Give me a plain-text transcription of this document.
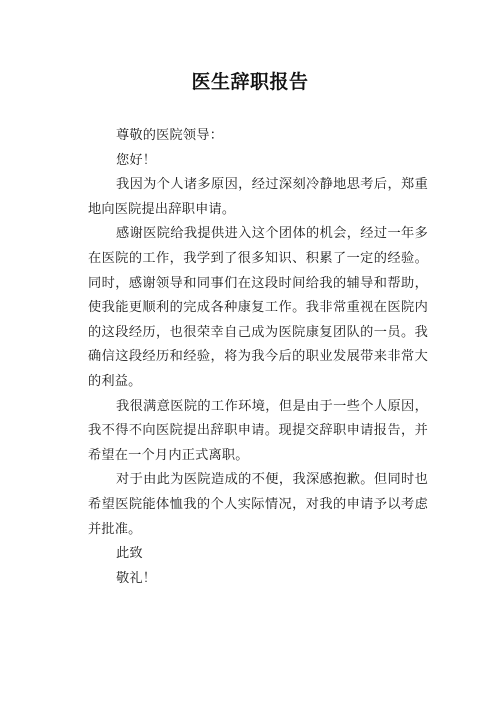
医生辞职报告

尊敬的医院领导：

您好！

我因为个人诸多原因，经过深刻冷静地思考后，郑重地向医院提出辞职申请。

感谢医院给我提供进入这个团体的机会，经过一年多在医院的工作，我学到了很多知识、积累了一定的经验。同时，感谢领导和同事们在这段时间给我的辅导和帮助，使我能更顺利的完成各种康复工作。我非常重视在医院内的这段经历，也很荣幸自己成为医院康复团队的一员。我确信这段经历和经验，将为我今后的职业发展带来非常大的利益。

我很满意医院的工作环境，但是由于一些个人原因，我不得不向医院提出辞职申请。现提交辞职申请报告，并希望在一个月内正式离职。

对于由此为医院造成的不便，我深感抱歉。但同时也希望医院能体恤我的个人实际情况，对我的申请予以考虑并批准。

此致

敬礼！
